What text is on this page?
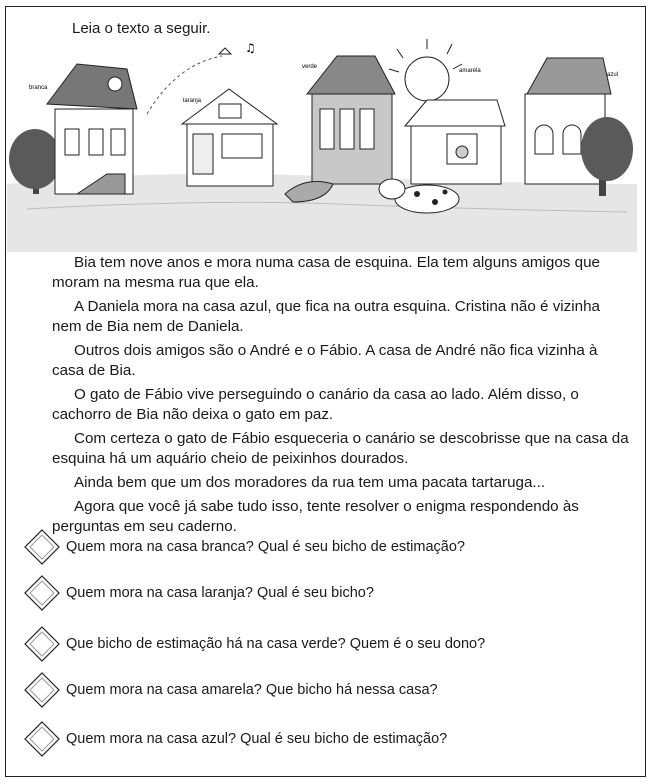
Leia o texto a seguir.
branca
♫
laranja
verde
amarela
azul

Bia tem nove anos e mora numa casa de esquina. Ela tem alguns amigos que moram na mesma rua que ela.

A Daniela mora na casa azul, que fica na outra esquina. Cristina não é vizinha nem de Bia nem de Daniela.

Outros dois amigos são o André e o Fábio. A casa de André não fica vizinha à casa de Bia.

O gato de Fábio vive perseguindo o canário da casa ao lado. Além disso, o cachorro de Bia não deixa o gato em paz.

Com certeza o gato de Fábio esqueceria o canário se descobrisse que na casa da esquina há um aquário cheio de peixinhos dourados.

Ainda bem que um dos moradores da rua tem uma pacata tartaruga...

Agora que você já sabe tudo isso, tente resolver o enigma respondendo às perguntas em seu caderno.

Quem mora na casa branca? Qual é seu bicho de estimação?
Quem mora na casa laranja? Qual é seu bicho?
Que bicho de estimação há na casa verde? Quem é o seu dono?
Quem mora na casa amarela? Que bicho há nessa casa?
Quem mora na casa azul? Qual é seu bicho de estimação?
